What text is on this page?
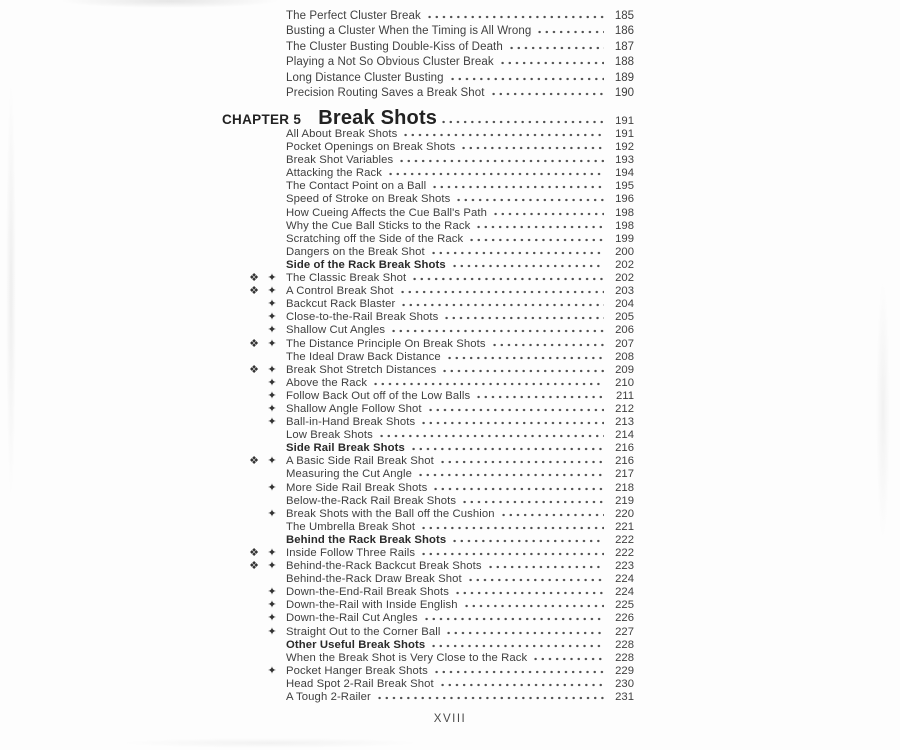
The Perfect Cluster Break	185
Busting a Cluster When the Timing is All Wrong	186
The Cluster Busting Double-Kiss of Death	187
Playing a Not So Obvious Cluster Break	188
Long Distance Cluster Busting	189
Precision Routing Saves a Break Shot	190
CHAPTER 5 Break Shots	191
All About Break Shots	191
Pocket Openings on Break Shots	192
Break Shot Variables	193
Attacking the Rack	194
The Contact Point on a Ball	195
Speed of Stroke on Break Shots	196
How Cueing Affects the Cue Ball's Path	198
Why the Cue Ball Sticks to the Rack	198
Scratching off the Side of the Rack	199
Dangers on the Break Shot	200
Side of the Rack Break Shots	202
❖ ✦ The Classic Break Shot	202
❖ ✦ A Control Break Shot	203
✦ Backcut Rack Blaster	204
✦ Close-to-the-Rail Break Shots	205
✦ Shallow Cut Angles	206
❖ ✦ The Distance Principle On Break Shots	207
The Ideal Draw Back Distance	208
❖ ✦ Break Shot Stretch Distances	209
✦ Above the Rack	210
✦ Follow Back Out off of the Low Balls	211
✦ Shallow Angle Follow Shot	212
✦ Ball-in-Hand Break Shots	213
Low Break Shots	214
Side Rail Break Shots	216
❖ ✦ A Basic Side Rail Break Shot	216
Measuring the Cut Angle	217
✦ More Side Rail Break Shots	218
Below-the-Rack Rail Break Shots	219
✦ Break Shots with the Ball off the Cushion	220
The Umbrella Break Shot	221
Behind the Rack Break Shots	222
❖ ✦ Inside Follow Three Rails	222
❖ ✦ Behind-the-Rack Backcut Break Shots	223
Behind-the-Rack Draw Break Shot	224
✦ Down-the-End-Rail Break Shots	224
✦ Down-the-Rail with Inside English	225
✦ Down-the-Rail Cut Angles	226
✦ Straight Out to the Corner Ball	227
Other Useful Break Shots	228
When the Break Shot is Very Close to the Rack	228
✦ Pocket Hanger Break Shots	229
Head Spot 2-Rail Break Shot	230
A Tough 2-Railer	231
XVIII
